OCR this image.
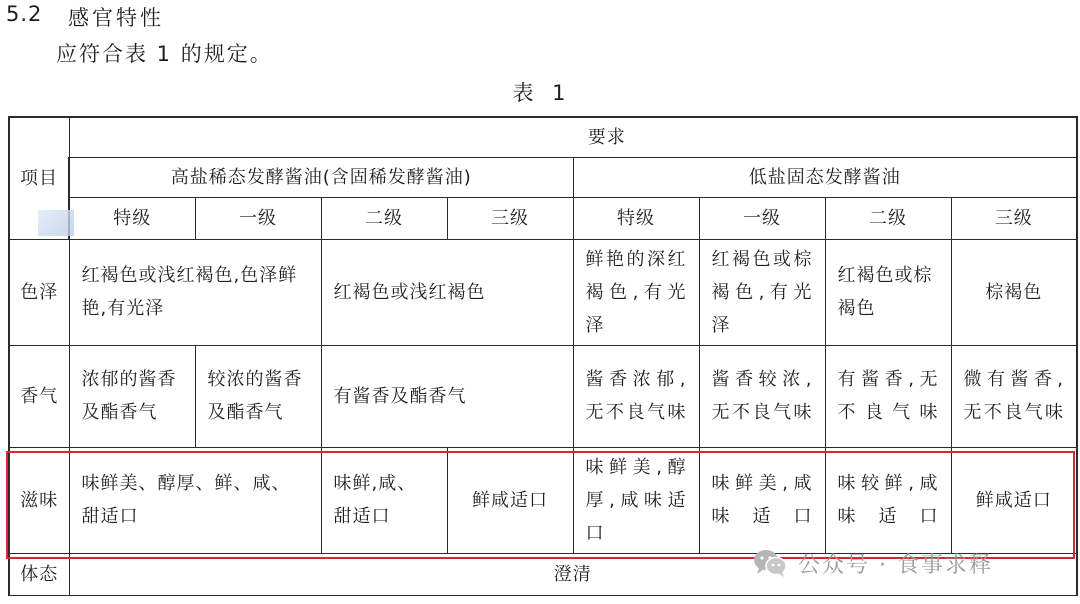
5.2 感官特性
应符合表 1 的规定。
表 1
项目	要求							
	高盐稀态发酵酱油(含固稀发酵酱油)				低盐固态发酵酱油			
	特级	一级	二级	三级	特级	一级	二级	三级
色泽	红褐色或浅红褐色,色泽鲜艳,有光泽		红褐色或浅红褐色		鲜艳的深红褐色,有光泽	红褐色或棕褐色,有光泽	红褐色或棕褐色	棕褐色
香气	浓郁的酱香及酯香气	较浓的酱香及酯香气	有酱香及酯香气		酱香浓郁,无不良气味	酱香较浓,无不良气味	有酱香,无不良气味	微有酱香,无不良气味
滋味	味鲜美、醇厚、鲜、咸、甜适口		味鲜,咸、甜适口	鲜咸适口	味鲜美,醇厚,咸味适口	味鲜美,咸味适口	味较鲜,咸味适口	鲜咸适口
体态	澄清								公众号 · 食事求释
